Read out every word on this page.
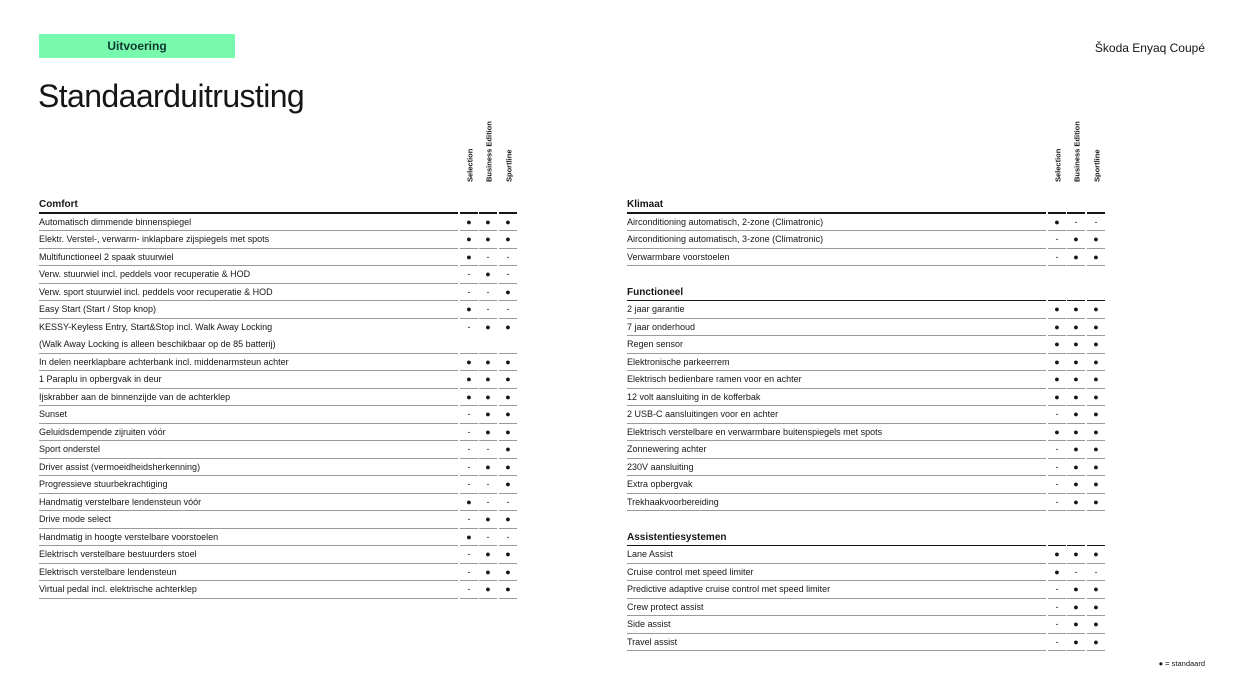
Uitvoering	Škoda Enyaq Coupé
Standaarduitrusting
Selection Business Edition Sportline	Selection Business Edition Sportline
Comfort
Automatisch dimmende binnenspiegel	●	●	●
Elektr. Verstel-, verwarm- inklapbare zijspiegels met spots	●	●	●
Multifunctioneel 2 spaak stuurwiel	●	-	-
Verw. stuurwiel incl. peddels voor recuperatie & HOD	-	●	-
Verw. sport stuurwiel incl. peddels voor recuperatie & HOD	-	-	●
Easy Start (Start / Stop knop)	●	-	-
KESSY-Keyless Entry, Start&Stop incl. Walk Away Locking	-	●	●
(Walk Away Locking is alleen beschikbaar op de 85 batterij)
In delen neerklapbare achterbank incl. middenarmsteun achter	●	●	●
1 Paraplu in opbergvak in deur	●	●	●
Ijskrabber aan de binnenzijde van de achterklep	●	●	●
Sunset	-	●	●
Geluidsdempende zijruiten vóór	-	●	●
Sport onderstel	-	-	●
Driver assist (vermoeidheidsherkenning)	-	●	●
Progressieve stuurbekrachtiging	-	-	●
Handmatig verstelbare lendensteun vóór	●	-	-
Drive mode select	-	●	●
Handmatig in hoogte verstelbare voorstoelen	●	-	-
Elektrisch verstelbare bestuurders stoel	-	●	●
Elektrisch verstelbare lendensteun	-	●	●
Virtual pedal incl. elektrische achterklep	-	●	●
Klimaat
Airconditioning automatisch, 2-zone (Climatronic)	●	-	-
Airconditioning automatisch, 3-zone (Climatronic)	-	●	●
Verwarmbare voorstoelen	-	●	●
Functioneel
2 jaar garantie	●	●	●
7 jaar onderhoud	●	●	●
Regen sensor	●	●	●
Elektronische parkeerrem	●	●	●
Elektrisch bedienbare ramen voor en achter	●	●	●
12 volt aansluiting in de kofferbak	●	●	●
2 USB-C aansluitingen voor en achter	-	●	●
Elektrisch verstelbare en verwarmbare buitenspiegels met spots	●	●	●
Zonnewering achter	-	●	●
230V aansluiting	-	●	●
Extra opbergvak	-	●	●
Trekhaakvoorbereiding	-	●	●
Assistentiesystemen
Lane Assist	●	●	●
Cruise control met speed limiter	●	-	-
Predictive adaptive cruise control met speed limiter	-	●	●
Crew protect assist	-	●	●
Side assist	-	●	●
Travel assist	-	●	●
● = standaard
